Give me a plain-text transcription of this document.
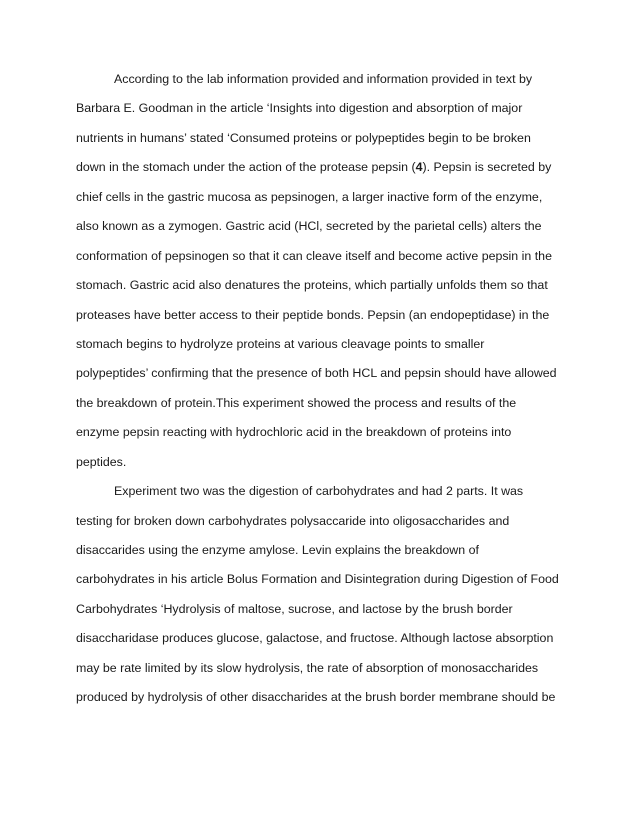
According to the lab information provided and information provided in text by
Barbara E. Goodman in the article ‘Insights into digestion and absorption of major
nutrients in humans’ stated ‘Consumed proteins or polypeptides begin to be broken
down in the stomach under the action of the protease pepsin (4). Pepsin is secreted by
chief cells in the gastric mucosa as pepsinogen, a larger inactive form of the enzyme,
also known as a zymogen. Gastric acid (HCl, secreted by the parietal cells) alters the
conformation of pepsinogen so that it can cleave itself and become active pepsin in the
stomach. Gastric acid also denatures the proteins, which partially unfolds them so that
proteases have better access to their peptide bonds. Pepsin (an endopeptidase) in the
stomach begins to hydrolyze proteins at various cleavage points to smaller
polypeptides’ confirming that the presence of both HCL and pepsin should have allowed
the breakdown of protein.This experiment showed the process and results of the
enzyme pepsin reacting with hydrochloric acid in the breakdown of proteins into
peptides.
Experiment two was the digestion of carbohydrates and had 2 parts. It was
testing for broken down carbohydrates polysaccaride into oligosaccharides and
disaccarides using the enzyme amylose. Levin explains the breakdown of
carbohydrates in his article Bolus Formation and Disintegration during Digestion of Food
Carbohydrates ‘Hydrolysis of maltose, sucrose, and lactose by the brush border
disaccharidase produces glucose, galactose, and fructose. Although lactose absorption
may be rate limited by its slow hydrolysis, the rate of absorption of monosaccharides
produced by hydrolysis of other disaccharides at the brush border membrane should be
